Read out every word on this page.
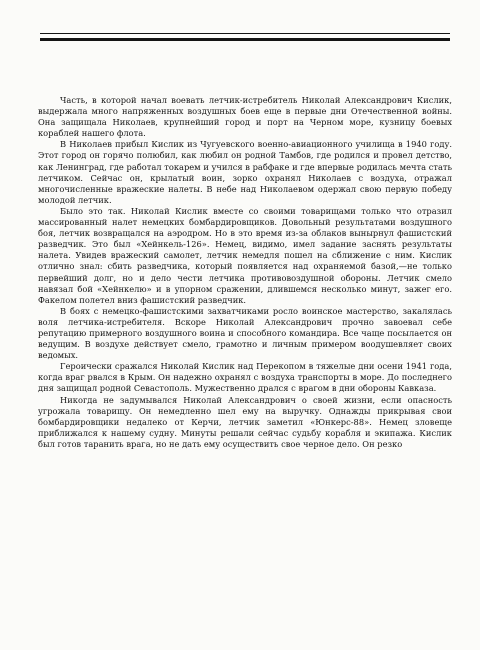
Часть, в которой начал воевать летчик-истребитель Николай Александрович Кислик, выдержала много напряженных воздушных боев еще в первые дни Отечественной войны. Она защищала Николаев, крупнейший город и порт на Черном море, кузницу боевых кораблей нашего флота.

В Николаев прибыл Кислик из Чугуевского военно-авиационного училища в 1940 году. Этот город он горячо полюбил, как любил он родной Тамбов, где родился и провел детство, как Ленинград, где работал токарем и учился в рабфаке и где впервые родилась мечта стать летчиком. Сейчас он, крылатый воин, зорко охранял Николаев с воздуха, отражал многочисленные вражеские налеты. В небе над Николаевом одержал свою первую победу молодой летчик.

Было это так. Николай Кислик вместе со своими товарищами только что отразил массированный налет немецких бомбардировщиков. Довольный результатами воздушного боя, летчик возвращался на аэродром. Но в это время из-за облаков вынырнул фашистский разведчик. Это был «Хейнкель-126». Немец, видимо, имел задание заснять результаты налета. Увидев вражеский самолет, летчик немедля пошел на сближение с ним. Кислик отлично знал: сбить разведчика, который появляется над охраняемой базой,—не только первейший долг, но и дело чести летчика противовоздушной обороны. Летчик смело навязал бой «Хейнкелю» и в упорном сражении, длившемся несколько минут, зажег его. Факелом полетел вниз фашистский разведчик.

В боях с немецко-фашистскими захватчиками росло воинское мастерство, закалялась воля летчика-истребителя. Вскоре Николай Александрович прочно завоевал себе репутацию примерного воздушного воина и способного командира. Все чаще посылается он ведущим. В воздухе действует смело, грамотно и личным примером воодушевляет своих ведомых.

Героически сражался Николай Кислик над Перекопом в тяжелые дни осени 1941 года, когда враг рвался в Крым. Он надежно охранял с воздуха транспорты в море. До последнего дня защищал родной Севастополь. Мужественно дрался с врагом в дни обороны Кавказа.

Никогда не задумывался Николай Александрович о своей жизни, если опасность угрожала товарищу. Он немедленно шел ему на выручку. Однажды прикрывая свои бомбардировщики недалеко от Керчи, летчик заметил «Юнкерс-88». Немец зловеще приближался к нашему судну. Минуты решали сейчас судьбу корабля и экипажа. Кислик был готов таранить врага, но не дать ему осуществить свое черное дело. Он резко
